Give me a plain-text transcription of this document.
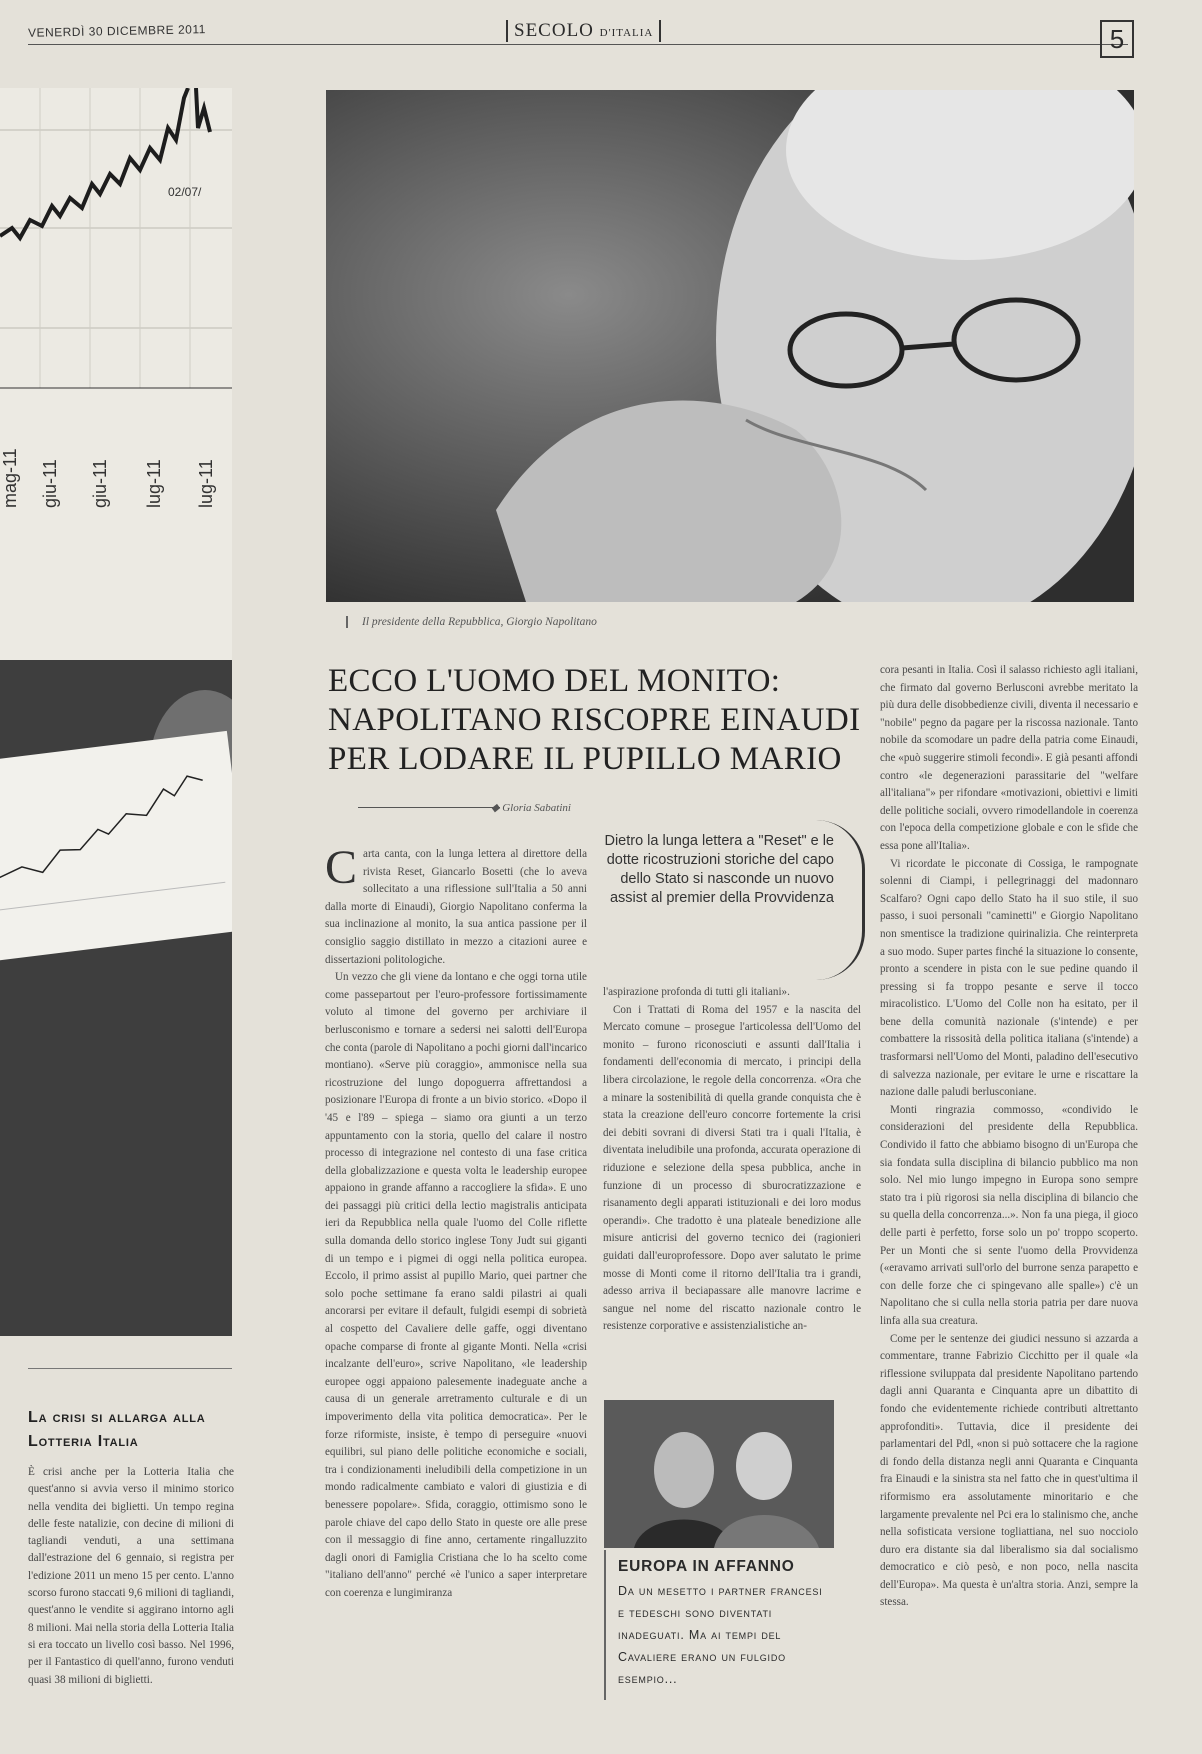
VENERDÌ 30 DICEMBRE 2011	SECOLO D'ITALIA	5
02/07/
mag-11 giu-11 giu-11 lug-11 lug-11
La crisi si allarga alla Lotteria Italia
È crisi anche per la Lotteria Italia che quest'anno si avvia verso il minimo storico nella vendita dei biglietti. Un tempo regina delle feste natalizie, con decine di milioni di tagliandi venduti, a una settimana dall'estrazione del 6 gennaio, si registra per l'edizione 2011 un meno 15 per cento. L'anno scorso furono staccati 9,6 milioni di tagliandi, quest'anno le vendite si aggirano intorno agli 8 milioni. Mai nella storia della Lotteria Italia si era toccato un livello così basso. Nel 1996, per il Fantastico di quell'anno, furono venduti quasi 38 milioni di biglietti.
Il presidente della Repubblica, Giorgio Napolitano
ECCO L'UOMO DEL MONITO:
NAPOLITANO RISCOPRE EINAUDI
PER LODARE IL PUPILLO MARIO
◆ Gloria Sabatini
Dietro la lunga lettera a "Reset" e le dotte ricostruzioni storiche del capo dello Stato si nasconde un nuovo assist al premier della Provvidenza
C arta canta, con la lunga lettera al direttore della rivista Reset, Giancarlo Bosetti (che lo aveva sollecitato a una riflessione sull'Italia a 50 anni dalla morte di Einaudi), Giorgio Napolitano conferma la sua inclinazione al monito, la sua antica passione per il consiglio saggio distillato in mezzo a citazioni auree e dissertazioni politologiche.

Un vezzo che gli viene da lontano e che oggi torna utile come passepartout per l'euro-professore fortissimamente voluto al timone del governo per archiviare il berlusconismo e tornare a sedersi nei salotti dell'Europa che conta (parole di Napolitano a pochi giorni dall'incarico montiano). «Serve più coraggio», ammonisce nella sua ricostruzione del lungo dopoguerra affrettandosi a posizionare l'Europa di fronte a un bivio storico. «Dopo il '45 e l'89 – spiega – siamo ora giunti a un terzo appuntamento con la storia, quello del calare il nostro processo di integrazione nel contesto di una fase critica della globalizzazione e questa volta le leadership europee appaiono in grande affanno a raccogliere la sfida». E uno dei passaggi più critici della lectio magistralis anticipata ieri da Repubblica nella quale l'uomo del Colle riflette sulla domanda dello storico inglese Tony Judt sui giganti di un tempo e i pigmei di oggi nella politica europea. Eccolo, il primo assist al pupillo Mario, quei partner che solo poche settimane fa erano saldi pilastri ai quali ancorarsi per evitare il default, fulgidi esempi di sobrietà al cospetto del Cavaliere delle gaffe, oggi diventano opache comparse di fronte al gigante Monti. Nella «crisi incalzante dell'euro», scrive Napolitano, «le leadership europee oggi appaiono palesemente inadeguate anche a causa di un generale arretramento culturale e di un impoverimento della vita politica democratica». Per le forze riformiste, insiste, è tempo di perseguire «nuovi equilibri, sul piano delle politiche economiche e sociali, tra i condizionamenti ineludibili della competizione in un mondo radicalmente cambiato e valori di giustizia e di benessere popolare». Sfida, coraggio, ottimismo sono le parole chiave del capo dello Stato in queste ore alle prese con il messaggio di fine anno, certamente ringalluzzito dagli onori di Famiglia Cristiana che lo ha scelto come "italiano dell'anno" perché «è l'unico a saper interpretare con coerenza e lungimiranza

l'aspirazione profonda di tutti gli italiani».

Con i Trattati di Roma del 1957 e la nascita del Mercato comune – prosegue l'articolessa dell'Uomo del monito – furono riconosciuti e assunti dall'Italia i fondamenti dell'economia di mercato, i principi della libera circolazione, le regole della concorrenza. «Ora che a minare la sostenibilità di quella grande conquista che è stata la creazione dell'euro concorre fortemente la crisi dei debiti sovrani di diversi Stati tra i quali l'Italia, è diventata ineludibile una profonda, accurata operazione di riduzione e selezione della spesa pubblica, anche in funzione di un processo di sburocratizzazione e risanamento degli apparati istituzionali e dei loro modus operandi». Che tradotto è una plateale benedizione alle misure anticrisi del governo tecnico dei (ragionieri guidati dall'europrofessore. Dopo aver salutato le prime mosse di Monti come il ritorno dell'Italia tra i grandi, adesso arriva il beciapassare alle manovre lacrime e sangue nel nome del riscatto nazionale contro le resistenze corporative e assistenzialistiche an-

EUROPA IN AFFANNO
Da un mesetto i partner francesi e tedeschi sono diventati inadeguati. Ma ai tempi del Cavaliere erano un fulgido esempio...

cora pesanti in Italia. Così il salasso richiesto agli italiani, che firmato dal governo Berlusconi avrebbe meritato la più dura delle disobbedienze civili, diventa il necessario e "nobile" pegno da pagare per la riscossa nazionale. Tanto nobile da scomodare un padre della patria come Einaudi, che «può suggerire stimoli fecondi». E già pesanti affondi contro «le degenerazioni parassitarie del "welfare all'italiana"» per rifondare «motivazioni, obiettivi e limiti delle politiche sociali, ovvero rimodellandole in coerenza con l'epoca della competizione globale e con le sfide che essa pone all'Italia».

Vi ricordate le picconate di Cossiga, le rampognate solenni di Ciampi, i pellegrinaggi del madonnaro Scalfaro? Ogni capo dello Stato ha il suo stile, il suo passo, i suoi personali "caminetti" e Giorgio Napolitano non smentisce la tradizione quirinalizia. Che reinterpreta a suo modo. Super partes finché la situazione lo consente, pronto a scendere in pista con le sue pedine quando il pressing si fa troppo pesante e serve il tocco miracolistico. L'Uomo del Colle non ha esitato, per il bene della comunità nazionale (s'intende) e per combattere la rissosità della politica italiana (s'intende) a trasformarsi nell'Uomo del Monti, paladino dell'esecutivo di salvezza nazionale, per evitare le urne e riscattare la nazione dalle paludi berlusconiane.

Monti ringrazia commosso, «condivido le considerazioni del presidente della Repubblica. Condivido il fatto che abbiamo bisogno di un'Europa che sia fondata sulla disciplina di bilancio pubblico ma non solo. Nel mio lungo impegno in Europa sono sempre stato tra i più rigorosi sia nella disciplina di bilancio che su quella della concorrenza...». Non fa una piega, il gioco delle parti è perfetto, forse solo un po' troppo scoperto. Per un Monti che si sente l'uomo della Provvidenza («eravamo arrivati sull'orlo del burrone senza parapetto e con delle forze che ci spingevano alle spalle») c'è un Napolitano che si culla nella storia patria per dare nuova linfa alla sua creatura.

Come per le sentenze dei giudici nessuno si azzarda a commentare, tranne Fabrizio Cicchitto per il quale «la riflessione sviluppata dal presidente Napolitano partendo dagli anni Quaranta e Cinquanta apre un dibattito di fondo che evidentemente richiede contributi altrettanto approfonditi». Tuttavia, dice il presidente dei parlamentari del Pdl, «non si può sottacere che la ragione di fondo della distanza negli anni Quaranta e Cinquanta fra Einaudi e la sinistra sta nel fatto che in quest'ultima il riformismo era assolutamente minoritario e che largamente prevalente nel Pci era lo stalinismo che, anche nella sofisticata versione togliattiana, nel suo nocciolo duro era distante sia dal liberalismo sia dal socialismo democratico e ciò pesò, e non poco, nella nascita dell'Europa». Ma questa è un'altra storia. Anzi, sempre la stessa.
